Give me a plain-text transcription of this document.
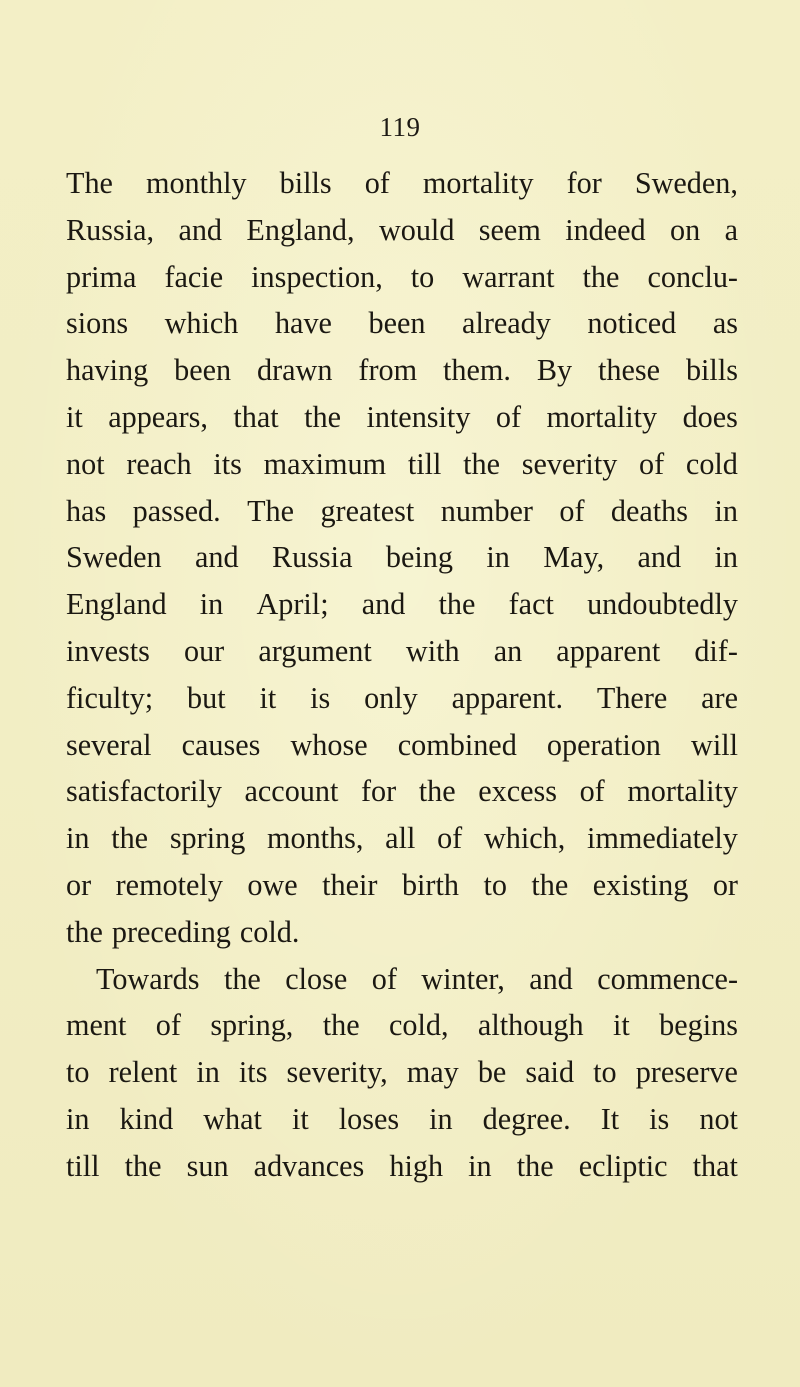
119
The monthly bills of mortality for Sweden,
Russia, and England, would seem indeed on a
prima facie inspection, to warrant the conclu-
sions which have been already noticed as
having been drawn from them. By these bills
it appears, that the intensity of mortality does
not reach its maximum till the severity of cold
has passed. The greatest number of deaths in
Sweden and Russia being in May, and in
England in April; and the fact undoubtedly
invests our argument with an apparent dif-
ficulty; but it is only apparent. There are
several causes whose combined operation will
satisfactorily account for the excess of mortality
in the spring months, all of which, immediately
or remotely owe their birth to the existing or
the preceding cold.
Towards the close of winter, and commence-
ment of spring, the cold, although it begins
to relent in its severity, may be said to preserve
in kind what it loses in degree. It is not
till the sun advances high in the ecliptic that
